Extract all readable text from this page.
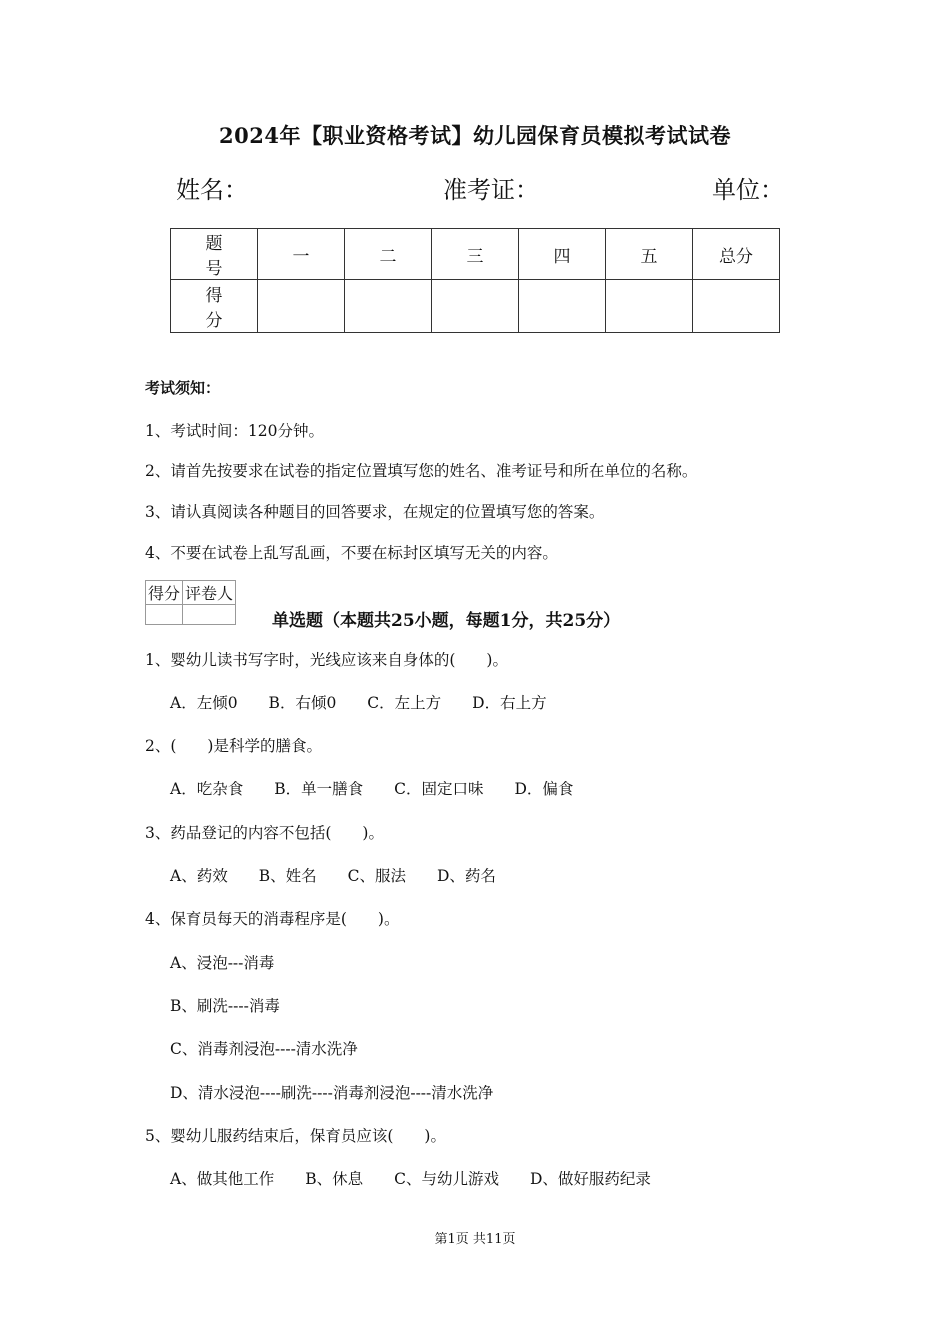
2024年【职业资格考试】幼儿园保育员模拟考试试卷
姓名：	准考证：	单位：
题 号	一	二	三	四	五	总分
得 分						
考试须知：
1、考试时间：120分钟。
2、请首先按要求在试卷的指定位置填写您的姓名、准考证号和所在单位的名称。
3、请认真阅读各种题目的回答要求，在规定的位置填写您的答案。
4、不要在试卷上乱写乱画，不要在标封区填写无关的内容。
得分	评卷人

单选题（本题共25小题，每题1分，共25分）
1、婴幼儿读书写字时，光线应该来自身体的(　　)。
A．左倾0　　B．右倾0　　C．左上方　　D．右上方
2、(　　)是科学的膳食。
A．吃杂食　　B．单一膳食　　C．固定口味　　D．偏食
3、药品登记的内容不包括(　　)。
A、药效　　B、姓名　　C、服法　　D、药名
4、保育员每天的消毒程序是(　　)。
A、浸泡---消毒
B、刷洗----消毒
C、消毒剂浸泡----清水洗净
D、清水浸泡----刷洗----消毒剂浸泡----清水洗净
5、婴幼儿服药结束后，保育员应该(　　)。
A、做其他工作　　B、休息　　C、与幼儿游戏　　D、做好服药纪录
第1页 共11页
